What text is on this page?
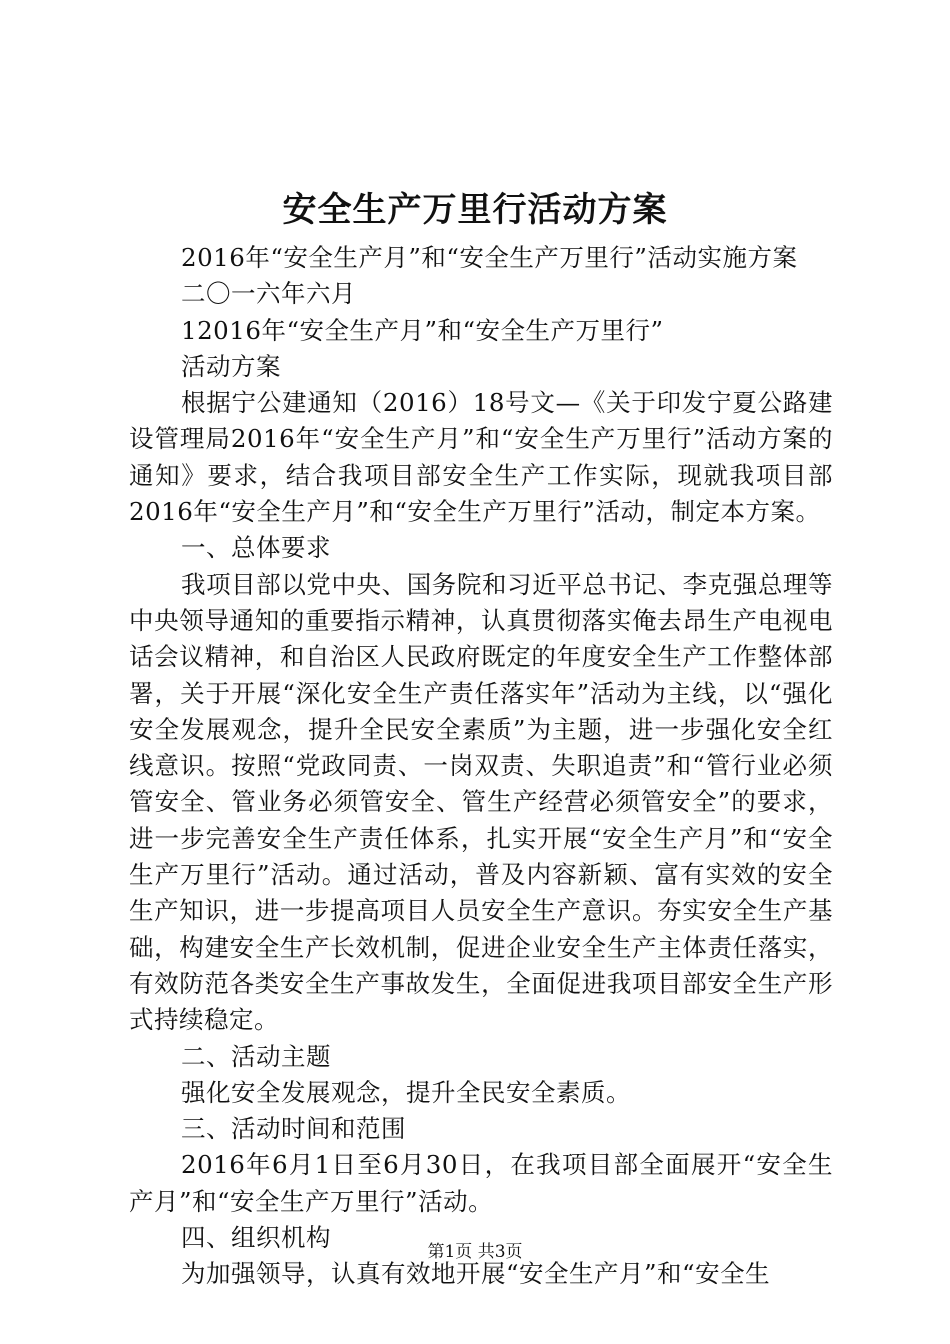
安全生产万里行活动方案

2016年“安全生产月”和“安全生产万里行”活动实施方案

二〇一六年六月

12016年“安全生产月”和“安全生产万里行”

活动方案

根据宁公建通知（2016）18号文—《关于印发宁夏公路建设管理局2016年“安全生产月”和“安全生产万里行”活动方案的通知》要求，结合我项目部安全生产工作实际，现就我项目部2016年“安全生产月”和“安全生产万里行”活动，制定本方案。

一、总体要求

我项目部以党中央、国务院和习近平总书记、李克强总理等中央领导通知的重要指示精神，认真贯彻落实俺去昂生产电视电话会议精神，和自治区人民政府既定的年度安全生产工作整体部署，关于开展“深化安全生产责任落实年”活动为主线，以“强化安全发展观念，提升全民安全素质”为主题，进一步强化安全红线意识。按照“党政同责、一岗双责、失职追责”和“管行业必须管安全、管业务必须管安全、管生产经营必须管安全”的要求，进一步完善安全生产责任体系，扎实开展“安全生产月”和“安全生产万里行”活动。通过活动，普及内容新颖、富有实效的安全生产知识，进一步提高项目人员安全生产意识。夯实安全生产基础，构建安全生产长效机制，促进企业安全生产主体责任落实，有效防范各类安全生产事故发生，全面促进我项目部安全生产形式持续稳定。

二、活动主题

强化安全发展观念，提升全民安全素质。

三、活动时间和范围

2016年6月1日至6月30日，在我项目部全面展开“安全生产月”和“安全生产万里行”活动。

四、组织机构

为加强领导，认真有效地开展“安全生产月”和“安全生

第1页 共3页
